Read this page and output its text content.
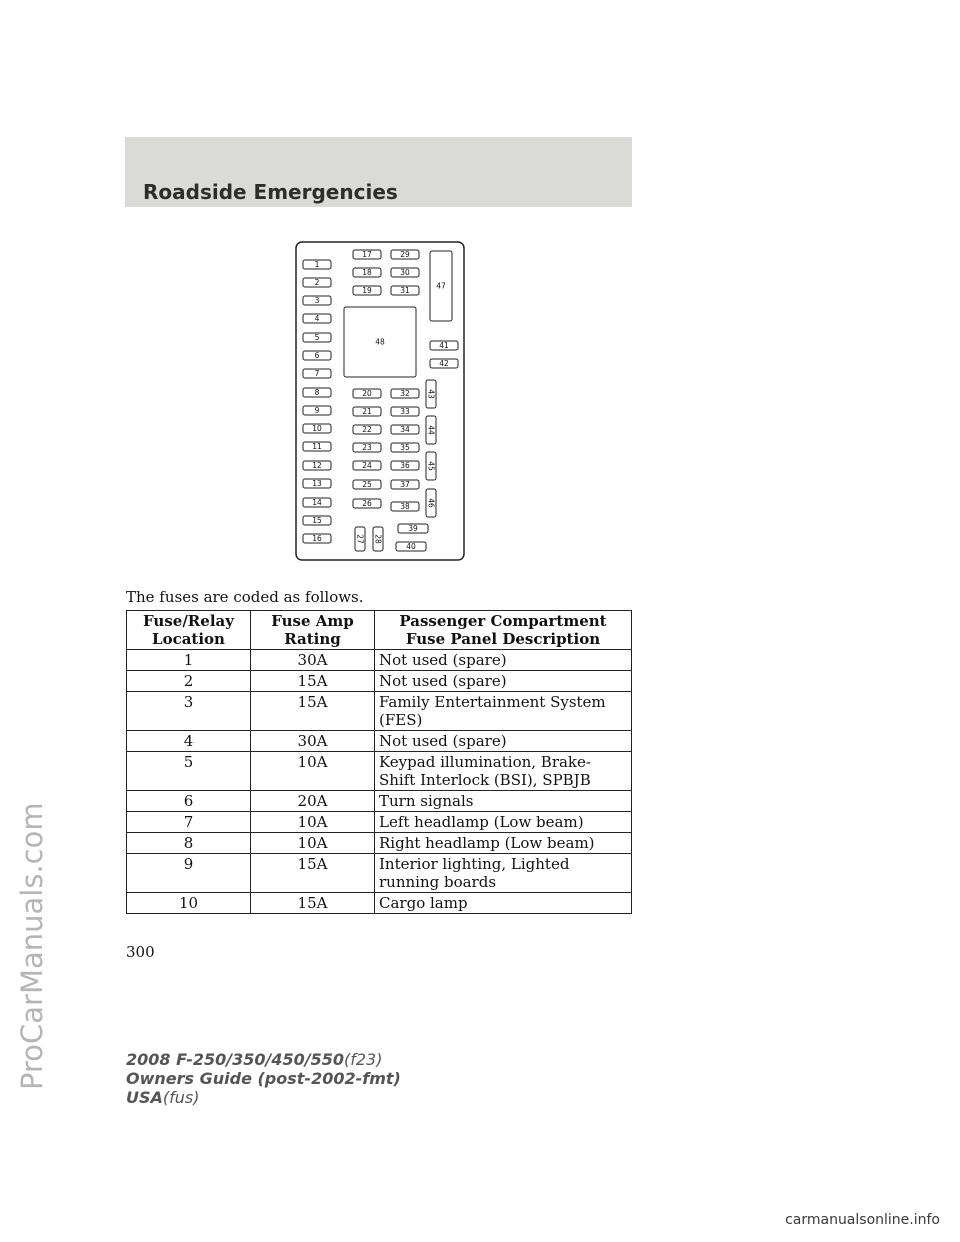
Roadside Emergencies
1
2
3
4
5
6
7
8
9
10
11
12
13
14
15
16
17	29
18	30
19	31
48
47
41
42
20	32
21	33
22	34
23	35
24	36
25	37
26	38
43
44
45
46
27 28
39
40
The fuses are coded as follows.
Fuse/Relay Location	Fuse Amp Rating	Passenger Compartment Fuse Panel Description
1	30A	Not used (spare)
2	15A	Not used (spare)
3	15A	Family Entertainment System (FES)
4	30A	Not used (spare)
5	10A	Keypad illumination, Brake-Shift Interlock (BSI), SPBJB
6	20A	Turn signals
7	10A	Left headlamp (Low beam)
8	10A	Right headlamp (Low beam)
9	15A	Interior lighting, Lighted running boards
10	15A	Cargo lamp
300
2008 F-250/350/450/550(f23)
Owners Guide (post-2002-fmt)
USA(fus)
ProCarManuals.com
carmanualsonline.info
